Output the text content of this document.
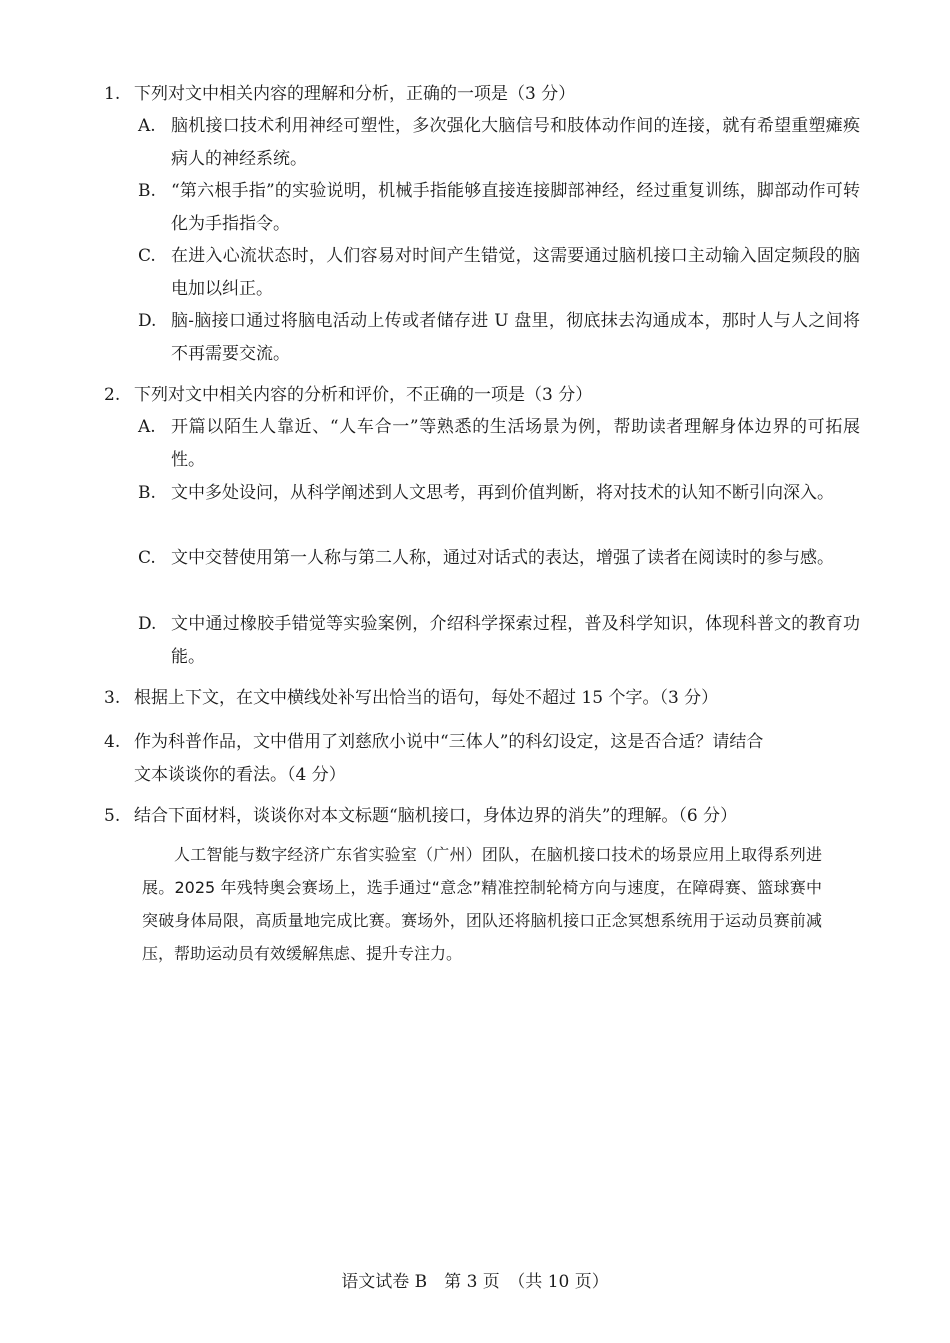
1. 下列对文中相关内容的理解和分析，正确的一项是（3 分）
A. 脑机接口技术利用神经可塑性，多次强化大脑信号和肢体动作间的连接，就有希望重塑瘫痪病人的神经系统。
B. “第六根手指”的实验说明，机械手指能够直接连接脚部神经，经过重复训练，脚部动作可转化为手指指令。
C. 在进入心流状态时，人们容易对时间产生错觉，这需要通过脑机接口主动输入固定频段的脑电加以纠正。
D. 脑-脑接口通过将脑电活动上传或者储存进 U 盘里，彻底抹去沟通成本，那时人与人之间将不再需要交流。
2. 下列对文中相关内容的分析和评价，不正确的一项是（3 分）
A. 开篇以陌生人靠近、“人车合一”等熟悉的生活场景为例，帮助读者理解身体边界的可拓展性。
B. 文中多处设问，从科学阐述到人文思考，再到价值判断，将对技术的认知不断引向深入。
C. 文中交替使用第一人称与第二人称，通过对话式的表达，增强了读者在阅读时的参与感。
D. 文中通过橡胶手错觉等实验案例，介绍科学探索过程，普及科学知识，体现科普文的教育功能。
3. 根据上下文，在文中横线处补写出恰当的语句，每处不超过 15 个字。（3 分）
4. 作为科普作品，文中借用了刘慈欣小说中“三体人”的科幻设定，这是否合适？请结合
文本谈谈你的看法。（4 分）
5. 结合下面材料，谈谈你对本文标题“脑机接口，身体边界的消失”的理解。（6 分）
人工智能与数字经济广东省实验室（广州）团队，在脑机接口技术的场景应用上取得系列进展。2025 年残特奥会赛场上，选手通过“意念”精准控制轮椅方向与速度，在障碍赛、篮球赛中突破身体局限，高质量地完成比赛。赛场外，团队还将脑机接口正念冥想系统用于运动员赛前减压，帮助运动员有效缓解焦虑、提升专注力。
语文试卷 B　第 3 页　（共 10 页）
